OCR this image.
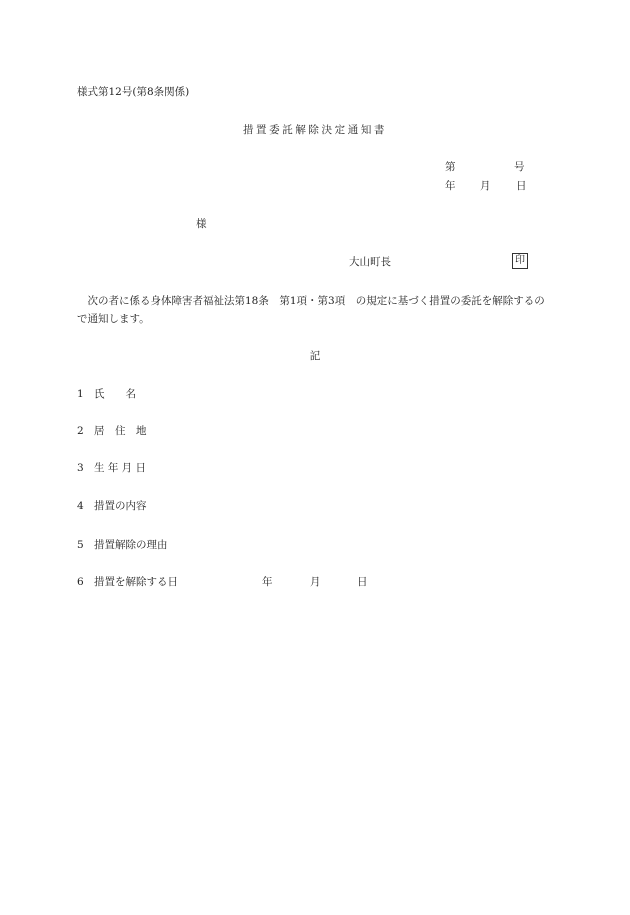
様式第12号(第8条関係)
措置委託解除決定通知書
第	号
年 月 日
様
大山町長	印
次の者に係る身体障害者福祉法第18条　第1項・第3項　の規定に基づく措置の委託を解除するので通知します。
記
1 氏　　名
2 居　住　地
3 生 年 月 日
4 措置の内容
5 措置解除の理由
6 措置を解除する日	年	月	日
